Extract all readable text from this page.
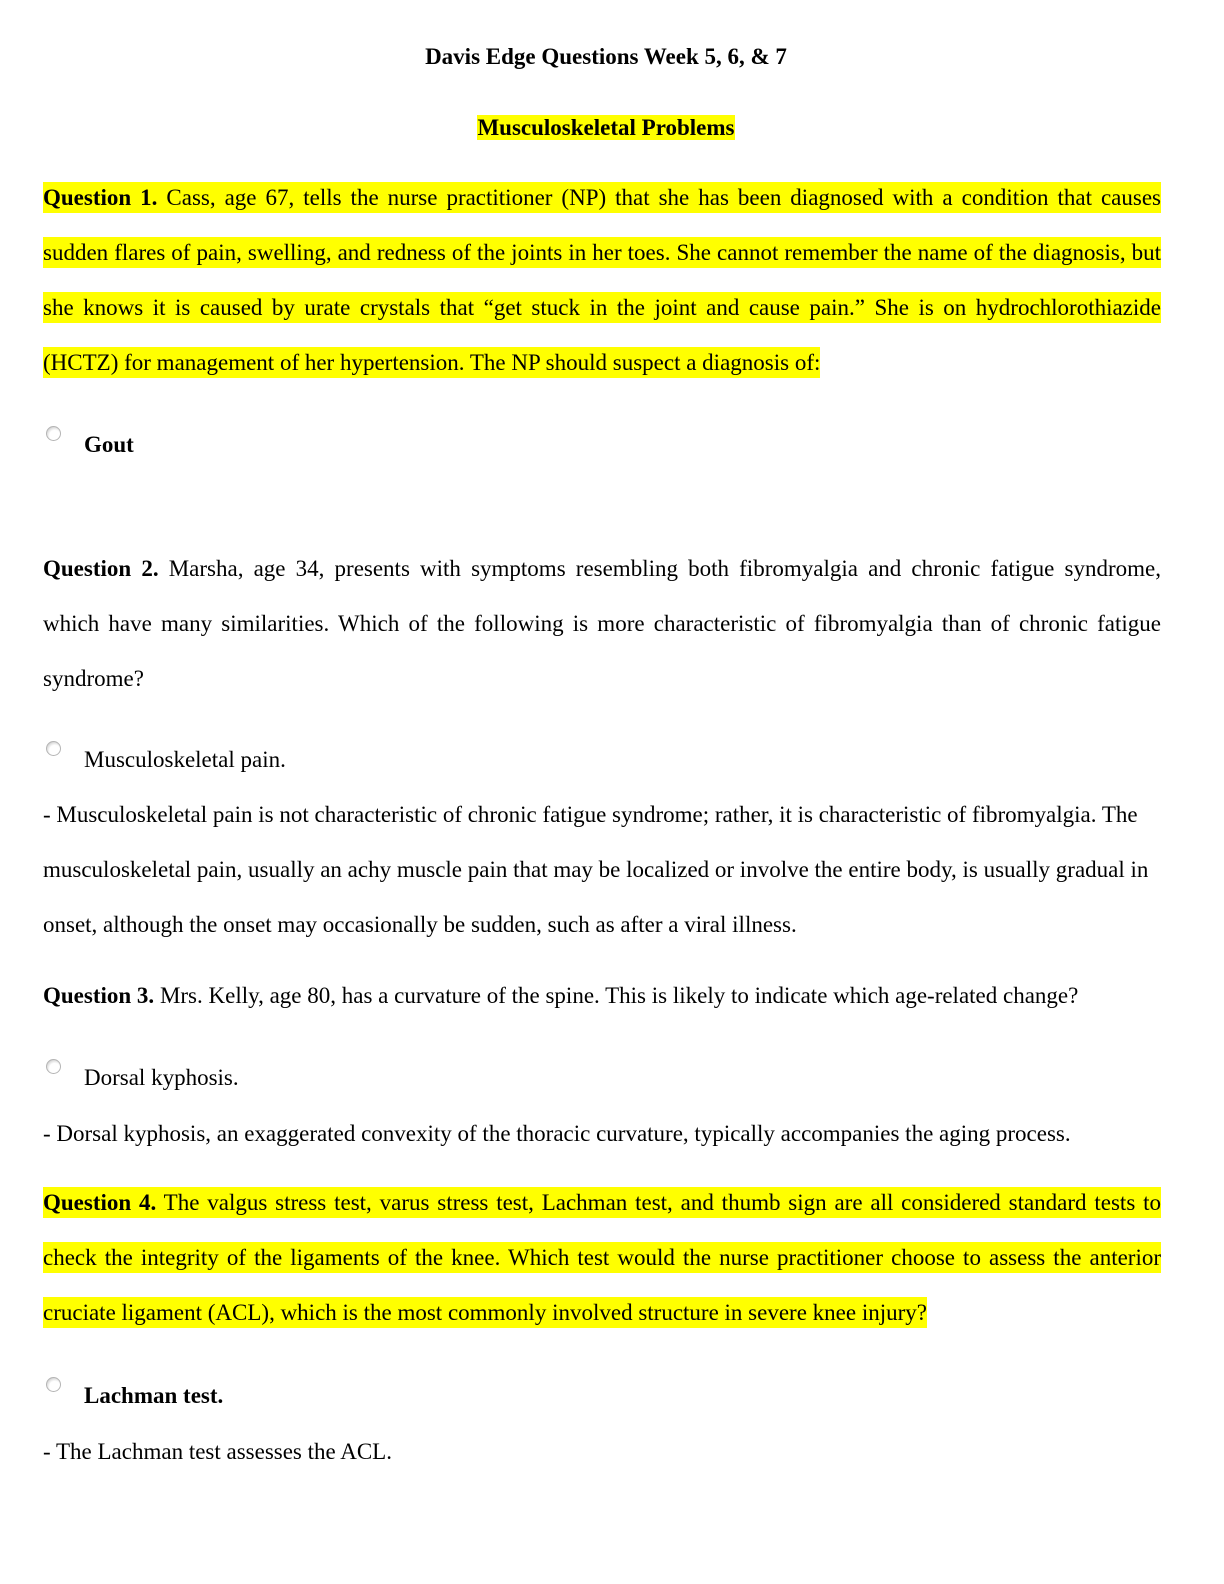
Davis Edge Questions Week 5, 6, & 7
Musculoskeletal Problems
Question 1. Cass, age 67, tells the nurse practitioner (NP) that she has been diagnosed with a condition that causes sudden flares of pain, swelling, and redness of the joints in her toes. She cannot remember the name of the diagnosis, but she knows it is caused by urate crystals that “get stuck in the joint and cause pain.” She is on hydrochlorothiazide (HCTZ) for management of her hypertension. The NP should suspect a diagnosis of:
Gout
Question 2. Marsha, age 34, presents with symptoms resembling both fibromyalgia and chronic fatigue syndrome, which have many similarities. Which of the following is more characteristic of fibromyalgia than of chronic fatigue syndrome?
Musculoskeletal pain.
- Musculoskeletal pain is not characteristic of chronic fatigue syndrome; rather, it is characteristic of fibromyalgia. The musculoskeletal pain, usually an achy muscle pain that may be localized or involve the entire body, is usually gradual in onset, although the onset may occasionally be sudden, such as after a viral illness.
Question 3. Mrs. Kelly, age 80, has a curvature of the spine. This is likely to indicate which age-related change?
Dorsal kyphosis.
- Dorsal kyphosis, an exaggerated convexity of the thoracic curvature, typically accompanies the aging process.
Question 4. The valgus stress test, varus stress test, Lachman test, and thumb sign are all considered standard tests to check the integrity of the ligaments of the knee. Which test would the nurse practitioner choose to assess the anterior cruciate ligament (ACL), which is the most commonly involved structure in severe knee injury?
Lachman test.
- The Lachman test assesses the ACL.
